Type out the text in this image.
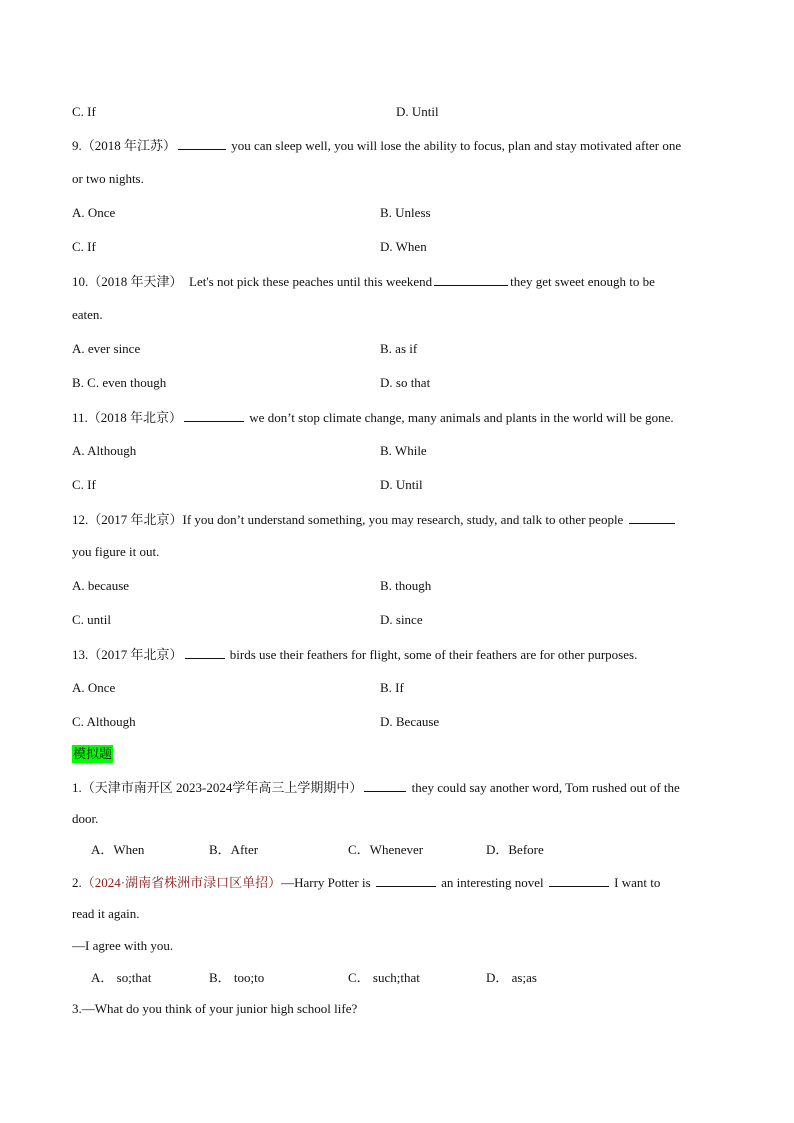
C. If	D. Until
9.（2018 年江苏）	you can sleep well, you will lose the ability to focus, plan and stay motivated after one
or two nights.
A. Once	B. Unless
C. If	D. When
10.（2018 年天津） Let's not pick these peaches until this weekend	they get sweet enough to be
eaten.
A. ever since	B. as if
B. C. even though	D. so that
11.（2018 年北京）	we don’t stop climate change, many animals and plants in the world will be gone.
A. Although	B. While
C. If	D. Until
12.（2017 年北京）If you don’t understand something, you may research, study, and talk to other people
you figure it out.
A. because	B. though
C. until	D. since
13.（2017 年北京）	birds use their feathers for flight, some of their feathers are for other purposes.
A. Once	B. If
C. Although	D. Because
模拟题
1.（天津市南开区 2023-2024学年高三上学期期中）	they could say another word, Tom rushed out of the
door.
A．When	B．After	C．Whenever	D．Before
2.（2024·湖南省株洲市渌口区单招）—Harry Potter is	an interesting novel	I want to
read it again.
—I agree with you.
A． so;that	B． too;to	C． such;that	D． as;as
3.—What do you think of your junior high school life?
